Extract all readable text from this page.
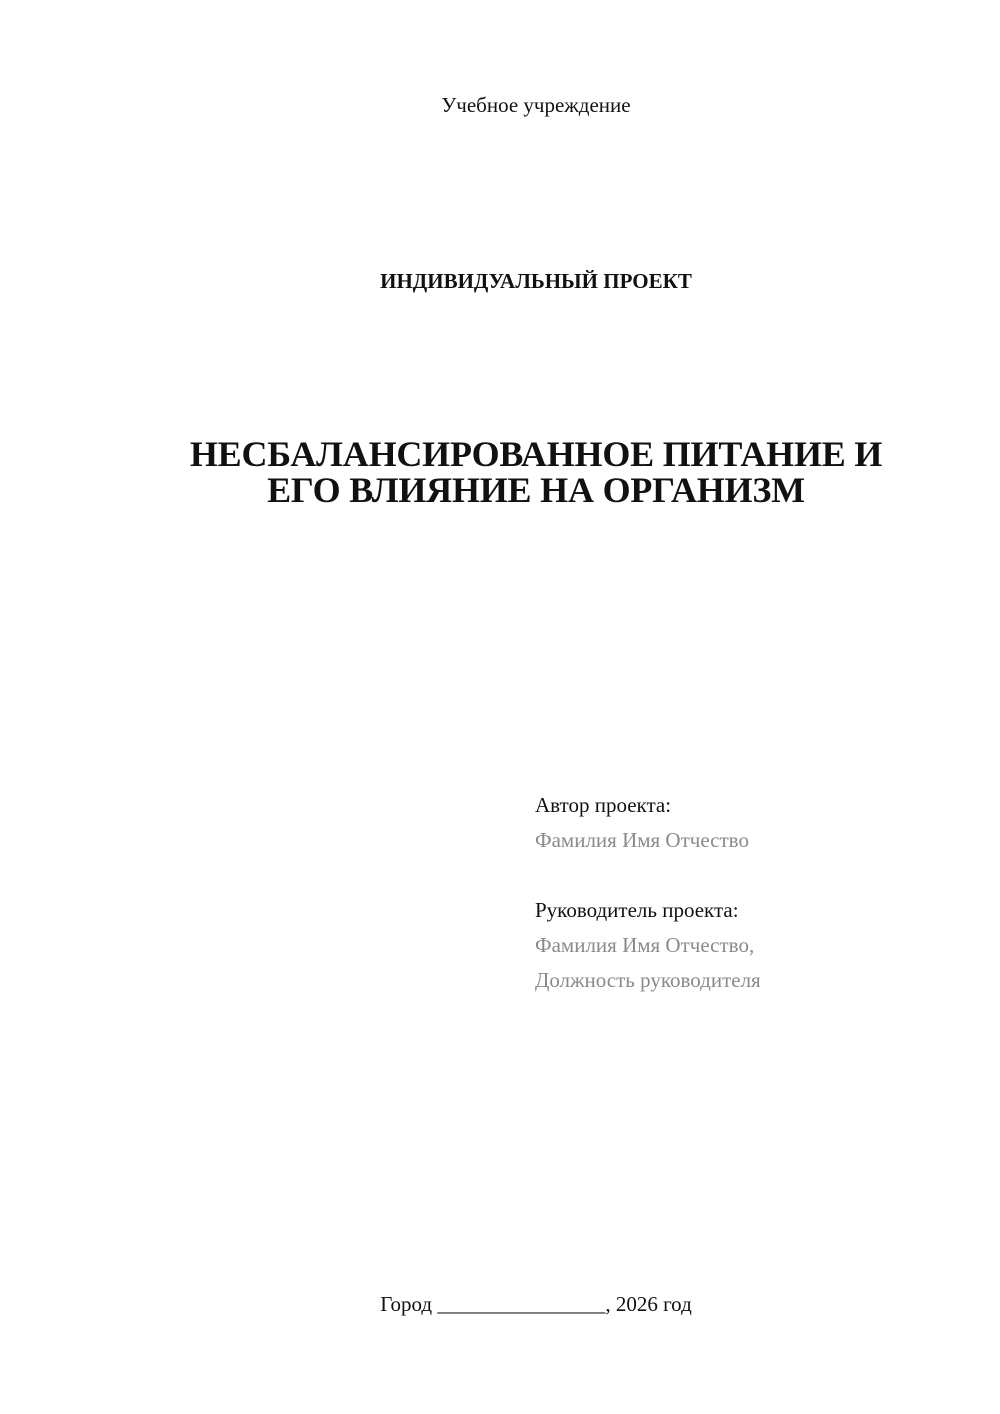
Учебное учреждение
ИНДИВИДУАЛЬНЫЙ ПРОЕКТ
НЕСБАЛАНСИРОВАННОЕ ПИТАНИЕ И
ЕГО ВЛИЯНИЕ НА ОРГАНИЗМ
Автор проекта:
Фамилия Имя Отчество
Руководитель проекта:
Фамилия Имя Отчество,
Должность руководителя
Город ________________, 2026 год
